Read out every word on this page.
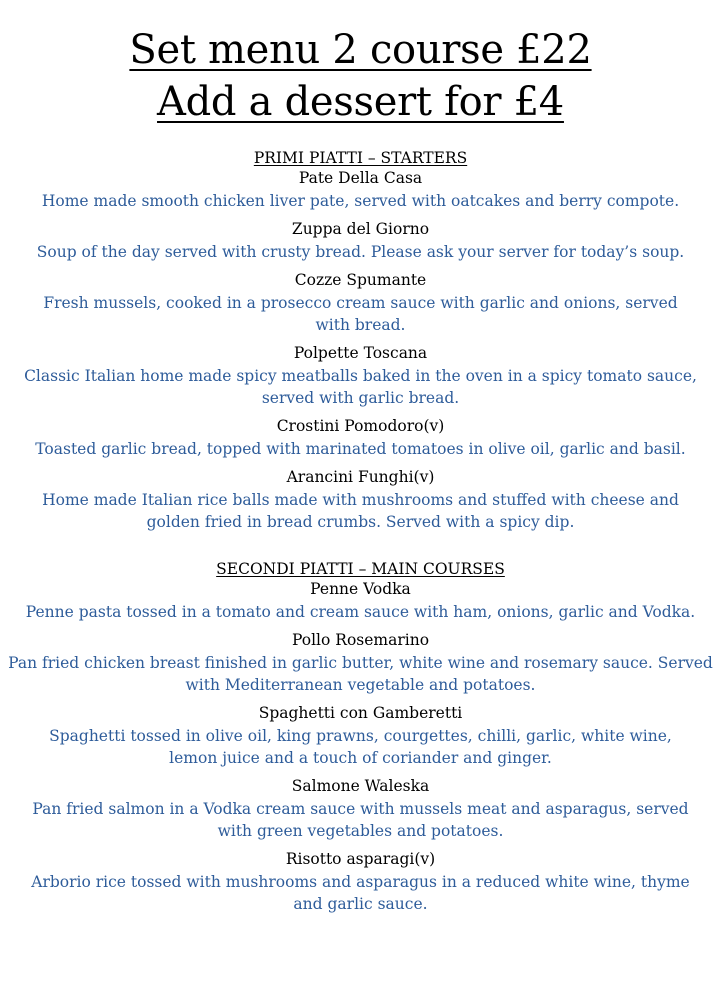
Set menu 2 course £22
Add a dessert for £4

PRIMI PIATTI – STARTERS

Pate Della Casa

Home made smooth chicken liver pate, served with oatcakes and berry compote.

Zuppa del Giorno

Soup of the day served with crusty bread. Please ask your server for today’s soup.

Cozze Spumante

Fresh mussels, cooked in a prosecco cream sauce with garlic and onions, served with bread.

Polpette Toscana

Classic Italian home made spicy meatballs baked in the oven in a spicy tomato sauce, served with garlic bread.

Crostini Pomodoro(v)

Toasted garlic bread, topped with marinated tomatoes in olive oil, garlic and basil.

Arancini Funghi(v)

Home made Italian rice balls made with mushrooms and stuffed with cheese and golden fried in bread crumbs. Served with a spicy dip.

SECONDI PIATTI – MAIN COURSES

Penne Vodka

Penne pasta tossed in a tomato and cream sauce with ham, onions, garlic and Vodka.

Pollo Rosemarino

Pan fried chicken breast finished in garlic butter, white wine and rosemary sauce. Served with Mediterranean vegetable and potatoes.

Spaghetti con Gamberetti

Spaghetti tossed in olive oil, king prawns, courgettes, chilli, garlic, white wine, lemon juice and a touch of coriander and ginger.

Salmone Waleska

Pan fried salmon in a Vodka cream sauce with mussels meat and asparagus, served with green vegetables and potatoes.

Risotto asparagi(v)

Arborio rice tossed with mushrooms and asparagus in a reduced white wine, thyme and garlic sauce.
